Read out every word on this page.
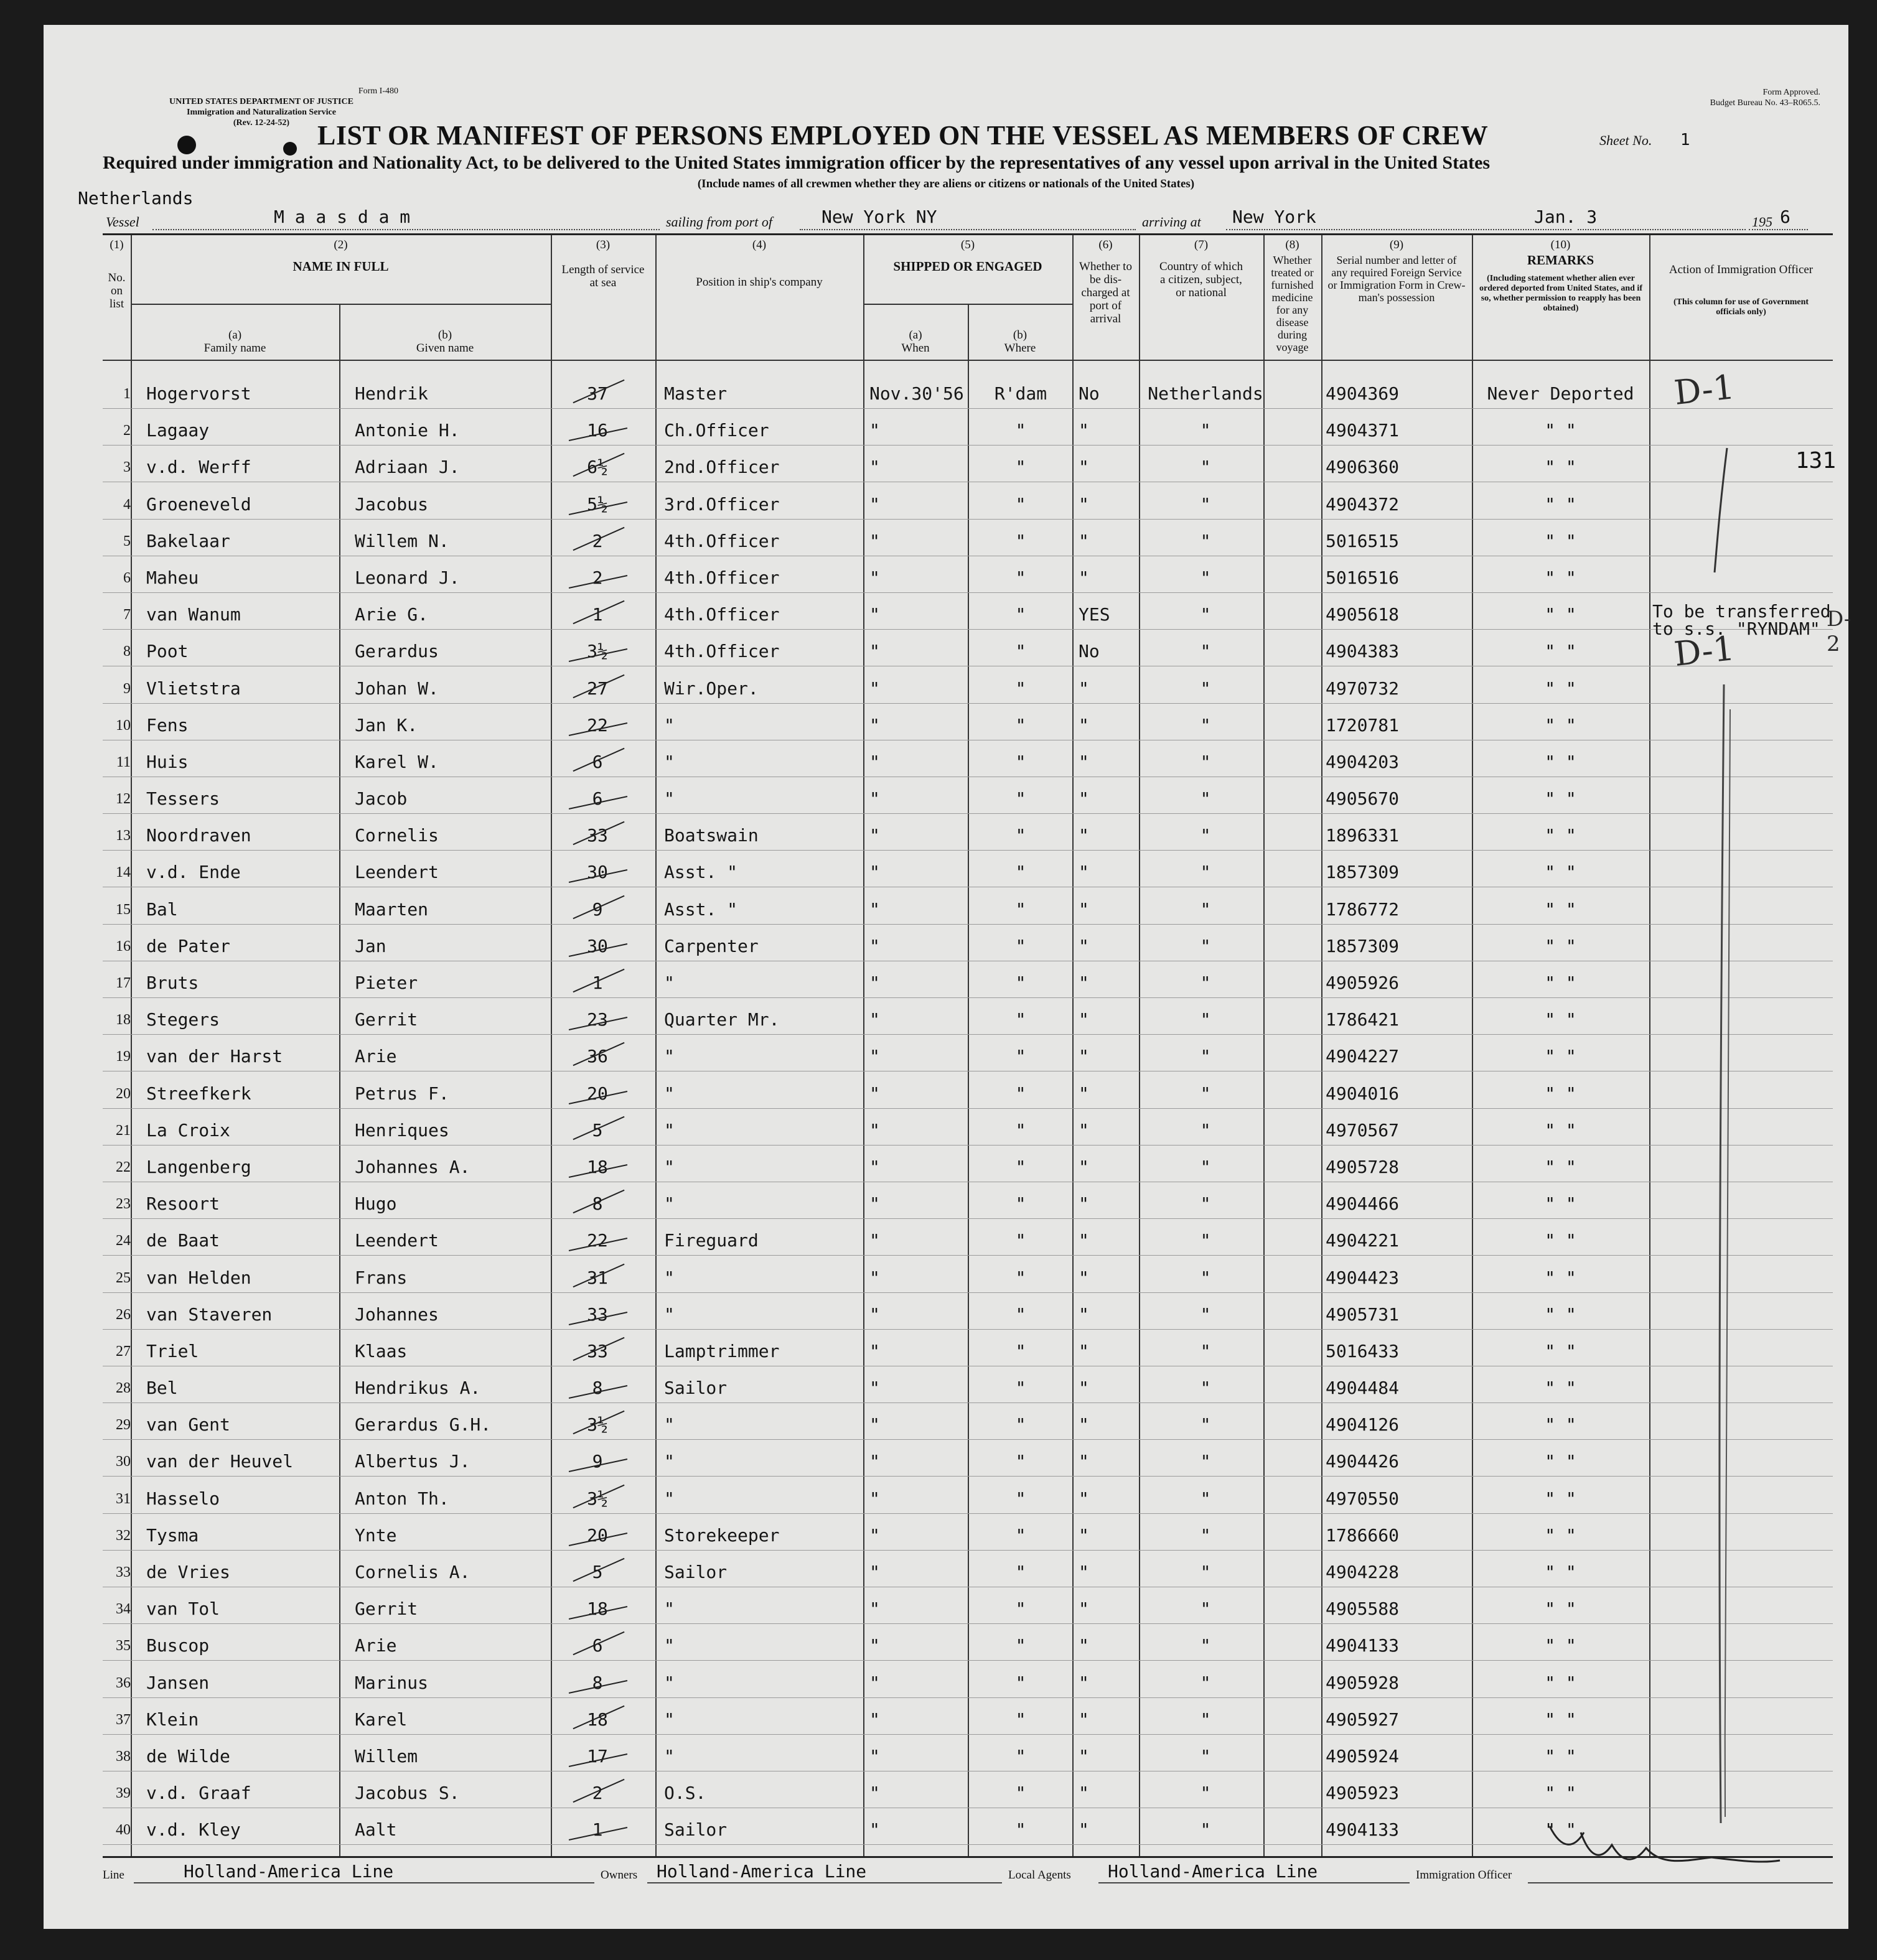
Form I-480
UNITED STATES DEPARTMENT OF JUSTICE
Immigration and Naturalization Service
(Rev. 12-24-52)
Form Approved.
Budget Bureau No. 43–R065.5.
LIST OR MANIFEST OF PERSONS EMPLOYED ON THE VESSEL AS MEMBERS OF CREW	Sheet No. 1
Required under immigration and Nationality Act, to be delivered to the United States immigration officer by the representatives of any vessel upon arrival in the United States
(Include names of all crewmen whether they are aliens or citizens or nationals of the United States)
Netherlands
Vessel	M a a s d a m	sailing from port of	New York NY	arriving at New York	Jan. 3	195 6
(1)
No. on list
(2)
NAME IN FULL
(a)
Family name
(b)
Given name
(3)
Length of service at sea
(4)
Position in ship's company
(5)
SHIPPED OR ENGAGED
(a)
When
(b)
Where
(6)
Whether to be dis-charged at port of arrival
(7)
Country of which a citizen, subject, or national
(8)
Whether treated or furnished medicine for any disease during voyage
(9)
Serial number and letter of any required Foreign Service or Immigration Form in Crew-man's possession
(10)
REMARKS
(Including statement whether alien ever ordered deported from United States, and if so, whether permission to reapply has been obtained)
Action of Immigration Officer
(This column for use of Government officials only)
1 Hogervorst	Hendrik	37	Master	Nov.30'56	R'dam	No	Netherlands	4904369	Never Deported
2 Lagaay	Antonie H.	16	Ch.Officer	"	"	"	"	4904371	" "
3 v.d. Werff	Adriaan J.	6½	2nd.Officer	"	"	"	"	4906360	" "
4 Groeneveld	Jacobus	5½	3rd.Officer	"	"	"	"	4904372	" "
5 Bakelaar	Willem N.	2	4th.Officer	"	"	"	"	5016515	" "
6 Maheu	Leonard J.	2	4th.Officer	"	"	"	"	5016516	" "
7 van Wanum	Arie G.	1	4th.Officer	"	"	YES	"	4905618	" "	To be transferred
to s.s. "RYNDAM"
8 Poot	Gerardus	3½	4th.Officer	"	"	No	"	4904383	" "
9 Vlietstra	Johan W.	27	Wir.Oper.	"	"	"	"	4970732	" "
10 Fens	Jan K.	22	"	"	"	"	"	1720781	" "
11 Huis	Karel W.	6	"	"	"	"	"	4904203	" "
12 Tessers	Jacob	6	"	"	"	"	"	4905670	" "
13 Noordraven	Cornelis	33	Boatswain	"	"	"	"	1896331	" "
14 v.d. Ende	Leendert	30	Asst. "	"	"	"	"	1857309	" "
15 Bal	Maarten	9	Asst. "	"	"	"	"	1786772	" "
16 de Pater	Jan	30	Carpenter	"	"	"	"	1857309	" "
17 Bruts	Pieter	1	"	"	"	"	"	4905926	" "
18 Stegers	Gerrit	23	Quarter Mr.	"	"	"	"	1786421	" "
19 van der Harst	Arie	36	"	"	"	"	"	4904227	" "
20 Streefkerk	Petrus F.	20	"	"	"	"	"	4904016	" "
21 La Croix	Henriques	5	"	"	"	"	"	4970567	" "
22 Langenberg	Johannes A.	18	"	"	"	"	"	4905728	" "
23 Resoort	Hugo	8	"	"	"	"	"	4904466	" "
24 de Baat	Leendert	22	Fireguard	"	"	"	"	4904221	" "
25 van Helden	Frans	31	"	"	"	"	"	4904423	" "
26 van Staveren	Johannes	33	"	"	"	"	"	4905731	" "
27 Triel	Klaas	33	Lamptrimmer	"	"	"	"	5016433	" "
28 Bel	Hendrikus A.	8	Sailor	"	"	"	"	4904484	" "
29 van Gent	Gerardus G.H.	3½	"	"	"	"	"	4904126	" "
30 van der Heuvel	Albertus J.	9	"	"	"	"	"	4904426	" "
31 Hasselo	Anton Th.	3½	"	"	"	"	"	4970550	" "
32 Tysma	Ynte	20	Storekeeper	"	"	"	"	1786660	" "
33 de Vries	Cornelis A.	5	Sailor	"	"	"	"	4904228	" "
34 van Tol	Gerrit	18	"	"	"	"	"	4905588	" "
35 Buscop	Arie	6	"	"	"	"	"	4904133	" "
36 Jansen	Marinus	8	"	"	"	"	"	4905928	" "
37 Klein	Karel	18	"	"	"	"	"	4905927	" "
38 de Wilde	Willem	17	"	"	"	"	"	4905924	" "
39 v.d. Graaf	Jacobus S.	2	O.S.	"	"	"	"	4905923	" "
40 v.d. Kley	Aalt	1	Sailor	"	"	"	"	4904133	" "
D-1
D-1
D-2
131
Line	Holland-America Line	Owners Holland-America Line	Local Agents Holland-America Line	Immigration Officer
